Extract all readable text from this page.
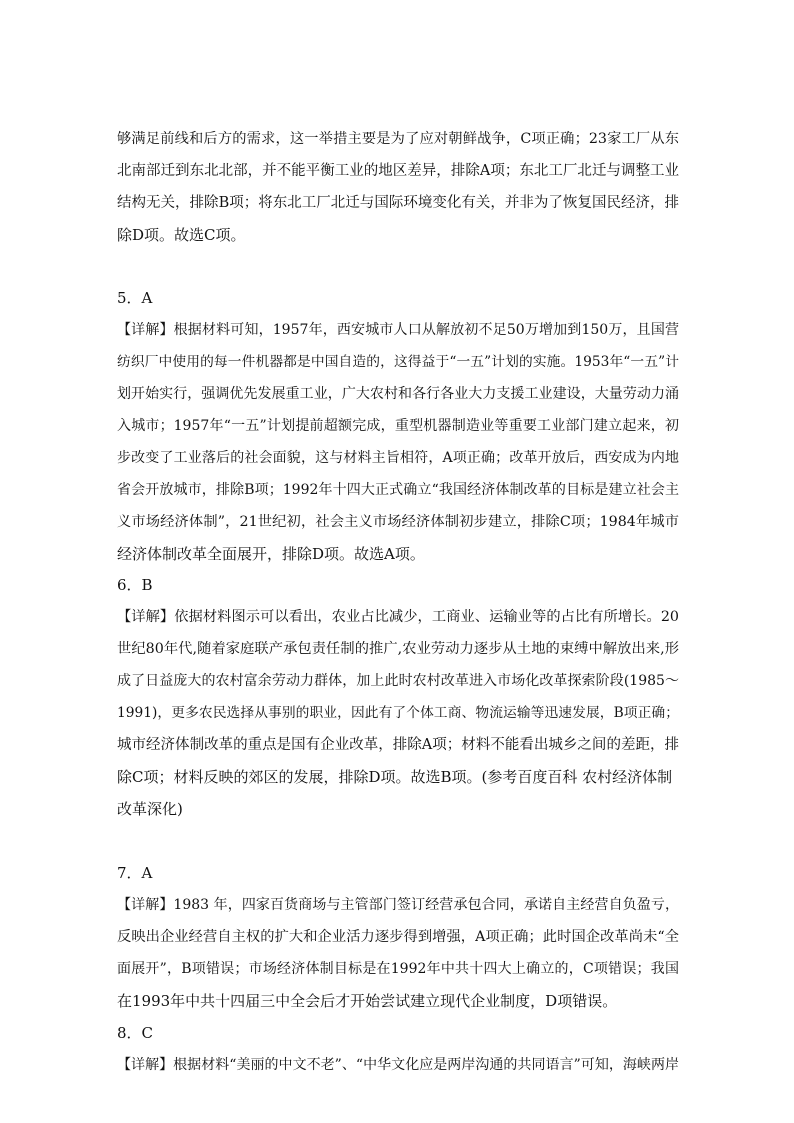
够满足前线和后方的需求，这一举措主要是为了应对朝鲜战争，C项正确；23家工厂从东
北南部迁到东北北部，并不能平衡工业的地区差异，排除A项；东北工厂北迁与调整工业
结构无关，排除B项；将东北工厂北迁与国际环境变化有关，并非为了恢复国民经济，排
除D项。故选C项。
5．A
【详解】根据材料可知，1957年，西安城市人口从解放初不足50万增加到150万，且国营
纺织厂中使用的每一件机器都是中国自造的，这得益于“一五”计划的实施。1953年“一五”计
划开始实行，强调优先发展重工业，广大农村和各行各业大力支援工业建设，大量劳动力涌
入城市；1957年“一五”计划提前超额完成，重型机器制造业等重要工业部门建立起来，初
步改变了工业落后的社会面貌，这与材料主旨相符，A项正确；改革开放后，西安成为内地
省会开放城市，排除B项；1992年十四大正式确立“我国经济体制改革的目标是建立社会主
义市场经济体制”，21世纪初，社会主义市场经济体制初步建立，排除C项；1984年城市
经济体制改革全面展开，排除D项。故选A项。
6．B
【详解】依据材料图示可以看出，农业占比减少，工商业、运输业等的占比有所增长。20
世纪80年代,随着家庭联产承包责任制的推广,农业劳动力逐步从土地的束缚中解放出来,形
成了日益庞大的农村富余劳动力群体，加上此时农村改革进入市场化改革探索阶段(1985～
1991)，更多农民选择从事别的职业，因此有了个体工商、物流运输等迅速发展，B项正确；
城市经济体制改革的重点是国有企业改革，排除A项；材料不能看出城乡之间的差距，排
除C项；材料反映的郊区的发展，排除D项。故选B项。(参考百度百科 农村经济体制
改革深化)
7．A
【详解】1983 年，四家百货商场与主管部门签订经营承包合同，承诺自主经营自负盈亏，
反映出企业经营自主权的扩大和企业活力逐步得到增强，A项正确；此时国企改革尚未“全
面展开”，B项错误；市场经济体制目标是在1992年中共十四大上确立的，C项错误；我国
在1993年中共十四届三中全会后才开始尝试建立现代企业制度，D项错误。
8．C
【详解】根据材料“美丽的中文不老”、“中华文化应是两岸沟通的共同语言”可知，海峡两岸
